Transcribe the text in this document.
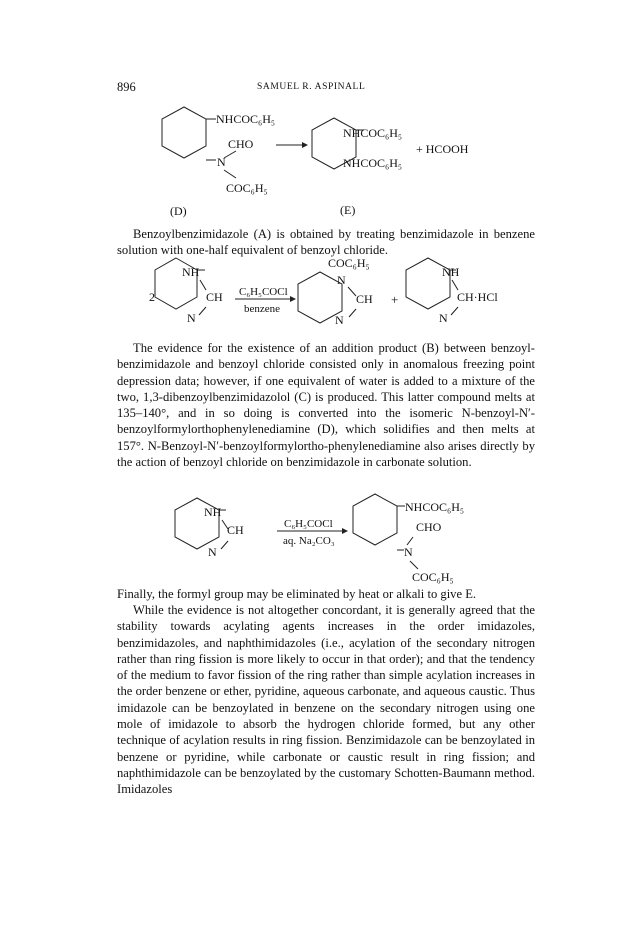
896	SAMUEL R. ASPINALL
NHCOC₆H₅
CHO
N
COC₆H₅
NHCOC₆H₅
NHCOC₆H₅
+ HCOOH
(D)	(E)

Benzoylbenzimidazole (A) is obtained by treating benzimidazole in benzene solution with one-half equivalent of benzoyl chloride.

2
NH
CH
N
C₆H₅COCl
benzene
COC₆H₅
N
CH
N
+
NH
CH·HCl
N

The evidence for the existence of an addition product (B) between benzoyl-benzimidazole and benzoyl chloride consisted only in anomalous freezing point depression data; however, if one equivalent of water is added to a mixture of the two, 1,3-dibenzoylbenzimidazolol (C) is produced. This latter compound melts at 135–140°, and in so doing is converted into the isomeric N-benzoyl-N′-benzoylformylorthophenylenediamine (D), which solidifies and then melts at 157°. N-Benzoyl-N′-benzoylformylortho-phenylenediamine also arises directly by the action of benzoyl chloride on benzimidazole in carbonate solution.

NH
CH
N
C₆H₅COCl
aq. Na₂CO₃
NHCOC₆H₅
CHO
N
COC₆H₅

Finally, the formyl group may be eliminated by heat or alkali to give E.

While the evidence is not altogether concordant, it is generally agreed that the stability towards acylating agents increases in the order imidazoles, benzimidazoles, and naphthimidazoles (i.e., acylation of the secondary nitrogen rather than ring fission is more likely to occur in that order); and that the tendency of the medium to favor fission of the ring rather than simple acylation increases in the order benzene or ether, pyridine, aqueous carbonate, and aqueous caustic. Thus imidazole can be benzoylated in benzene on the secondary nitrogen using one mole of imidazole to absorb the hydrogen chloride formed, but any other technique of acylation results in ring fission. Benzimidazole can be benzoylated in benzene or pyridine, while carbonate or caustic result in ring fission; and naphthimidazole can be benzoylated by the customary Schotten-Baumann method. Imidazoles
